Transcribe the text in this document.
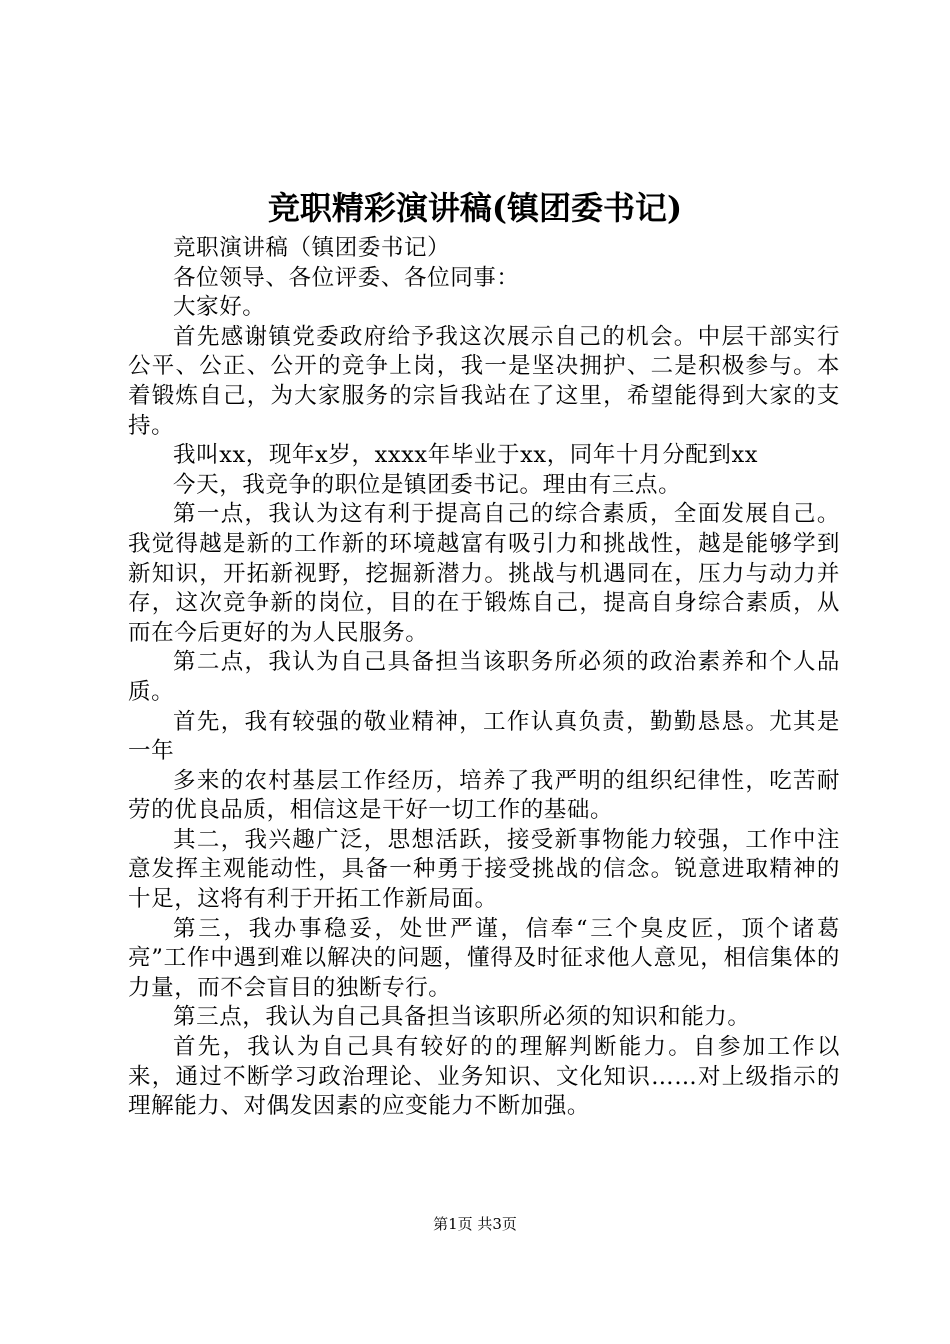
竞职精彩演讲稿(镇团委书记)

竞职演讲稿（镇团委书记）

各位领导、各位评委、各位同事：

大家好。

首先感谢镇党委政府给予我这次展示自己的机会。中层干部实行公平、公正、公开的竞争上岗，我一是坚决拥护、二是积极参与。本着锻炼自己，为大家服务的宗旨我站在了这里，希望能得到大家的支持。

我叫xx，现年x岁，xxxx年毕业于xx，同年十月分配到xx

今天，我竞争的职位是镇团委书记。理由有三点。

第一点，我认为这有利于提高自己的综合素质，全面发展自己。我觉得越是新的工作新的环境越富有吸引力和挑战性，越是能够学到新知识，开拓新视野，挖掘新潜力。挑战与机遇同在，压力与动力并存，这次竞争新的岗位，目的在于锻炼自己，提高自身综合素质，从而在今后更好的为人民服务。

第二点，我认为自己具备担当该职务所必须的政治素养和个人品质。

首先，我有较强的敬业精神，工作认真负责，勤勤恳恳。尤其是一年

多来的农村基层工作经历，培养了我严明的组织纪律性，吃苦耐劳的优良品质，相信这是干好一切工作的基础。

其二，我兴趣广泛，思想活跃，接受新事物能力较强，工作中注意发挥主观能动性，具备一种勇于接受挑战的信念。锐意进取精神的十足，这将有利于开拓工作新局面。

第三，我办事稳妥，处世严谨，信奉“三个臭皮匠，顶个诸葛亮”工作中遇到难以解决的问题，懂得及时征求他人意见，相信集体的力量，而不会盲目的独断专行。

第三点，我认为自己具备担当该职所必须的知识和能力。

首先，我认为自己具有较好的的理解判断能力。自参加工作以来，通过不断学习政治理论、业务知识、文化知识……对上级指示的理解能力、对偶发因素的应变能力不断加强。

第1页 共3页
